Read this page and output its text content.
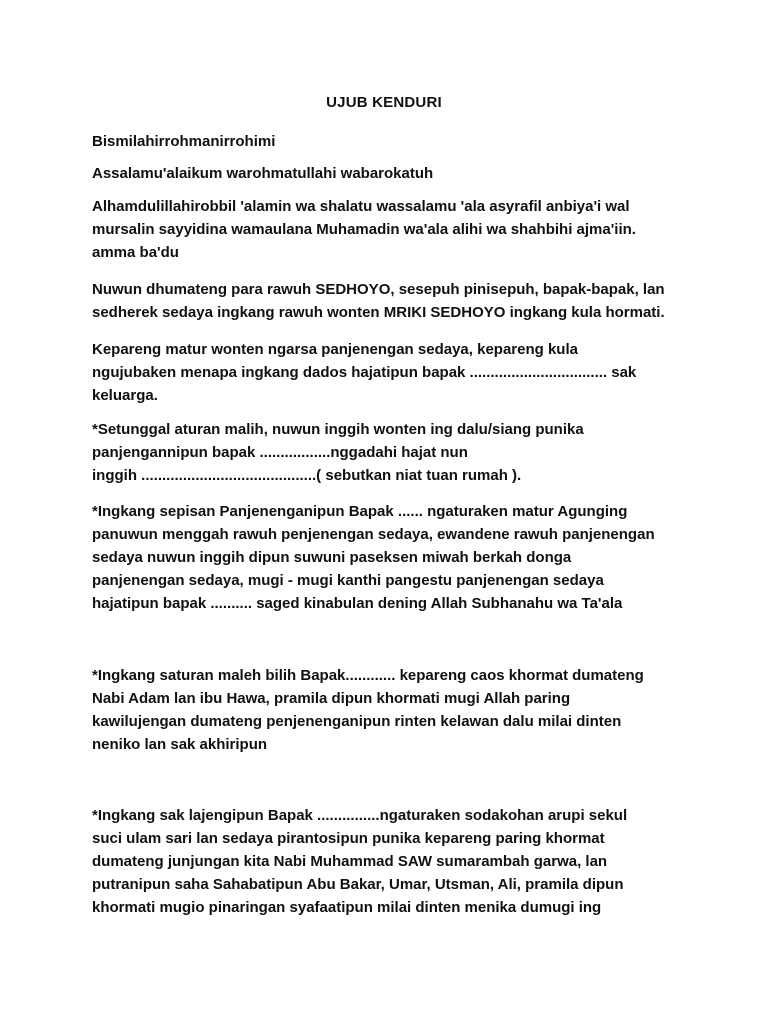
UJUB KENDURI

Bismilahirrohmanirrohimi

Assalamu'alaikum warohmatullahi wabarokatuh

Alhamdulillahirobbil 'alamin wa shalatu wassalamu 'ala asyrafil anbiya'i wal
mursalin sayyidina wamaulana Muhamadin wa'ala alihi wa shahbihi ajma'iin.
amma ba'du

Nuwun dhumateng para rawuh SEDHOYO, sesepuh pinisepuh, bapak-bapak, lan
sedherek sedaya ingkang rawuh wonten MRIKI SEDHOYO ingkang kula hormati.

Kepareng matur wonten ngarsa panjenengan sedaya, kepareng kula
ngujubaken menapa ingkang dados hajatipun bapak ................................. sak
keluarga.

*Setunggal aturan malih, nuwun inggih wonten ing dalu/siang punika
panjengannipun bapak .................nggadahi hajat nun
inggih ..........................................( sebutkan niat tuan rumah ).

*Ingkang sepisan Panjenenganipun Bapak ...... ngaturaken matur Agunging
panuwun menggah rawuh penjenengan sedaya, ewandene rawuh panjenengan
sedaya nuwun inggih dipun suwuni paseksen miwah berkah donga
panjenengan sedaya, mugi - mugi kanthi pangestu panjenengan sedaya
hajatipun bapak .......... saged kinabulan dening Allah Subhanahu wa Ta'ala

*Ingkang saturan maleh bilih Bapak............ kepareng caos khormat dumateng
Nabi Adam lan ibu Hawa, pramila dipun khormati mugi Allah paring
kawilujengan dumateng penjenenganipun rinten kelawan dalu milai dinten
neniko lan sak akhiripun

*Ingkang sak lajengipun Bapak ...............ngaturaken sodakohan arupi sekul
suci ulam sari lan sedaya pirantosipun punika kepareng paring khormat
dumateng junjungan kita Nabi Muhammad SAW sumarambah garwa, lan
putranipun saha Sahabatipun Abu Bakar, Umar, Utsman, Ali, pramila dipun
khormati mugio pinaringan syafaatipun milai dinten menika dumugi ing
